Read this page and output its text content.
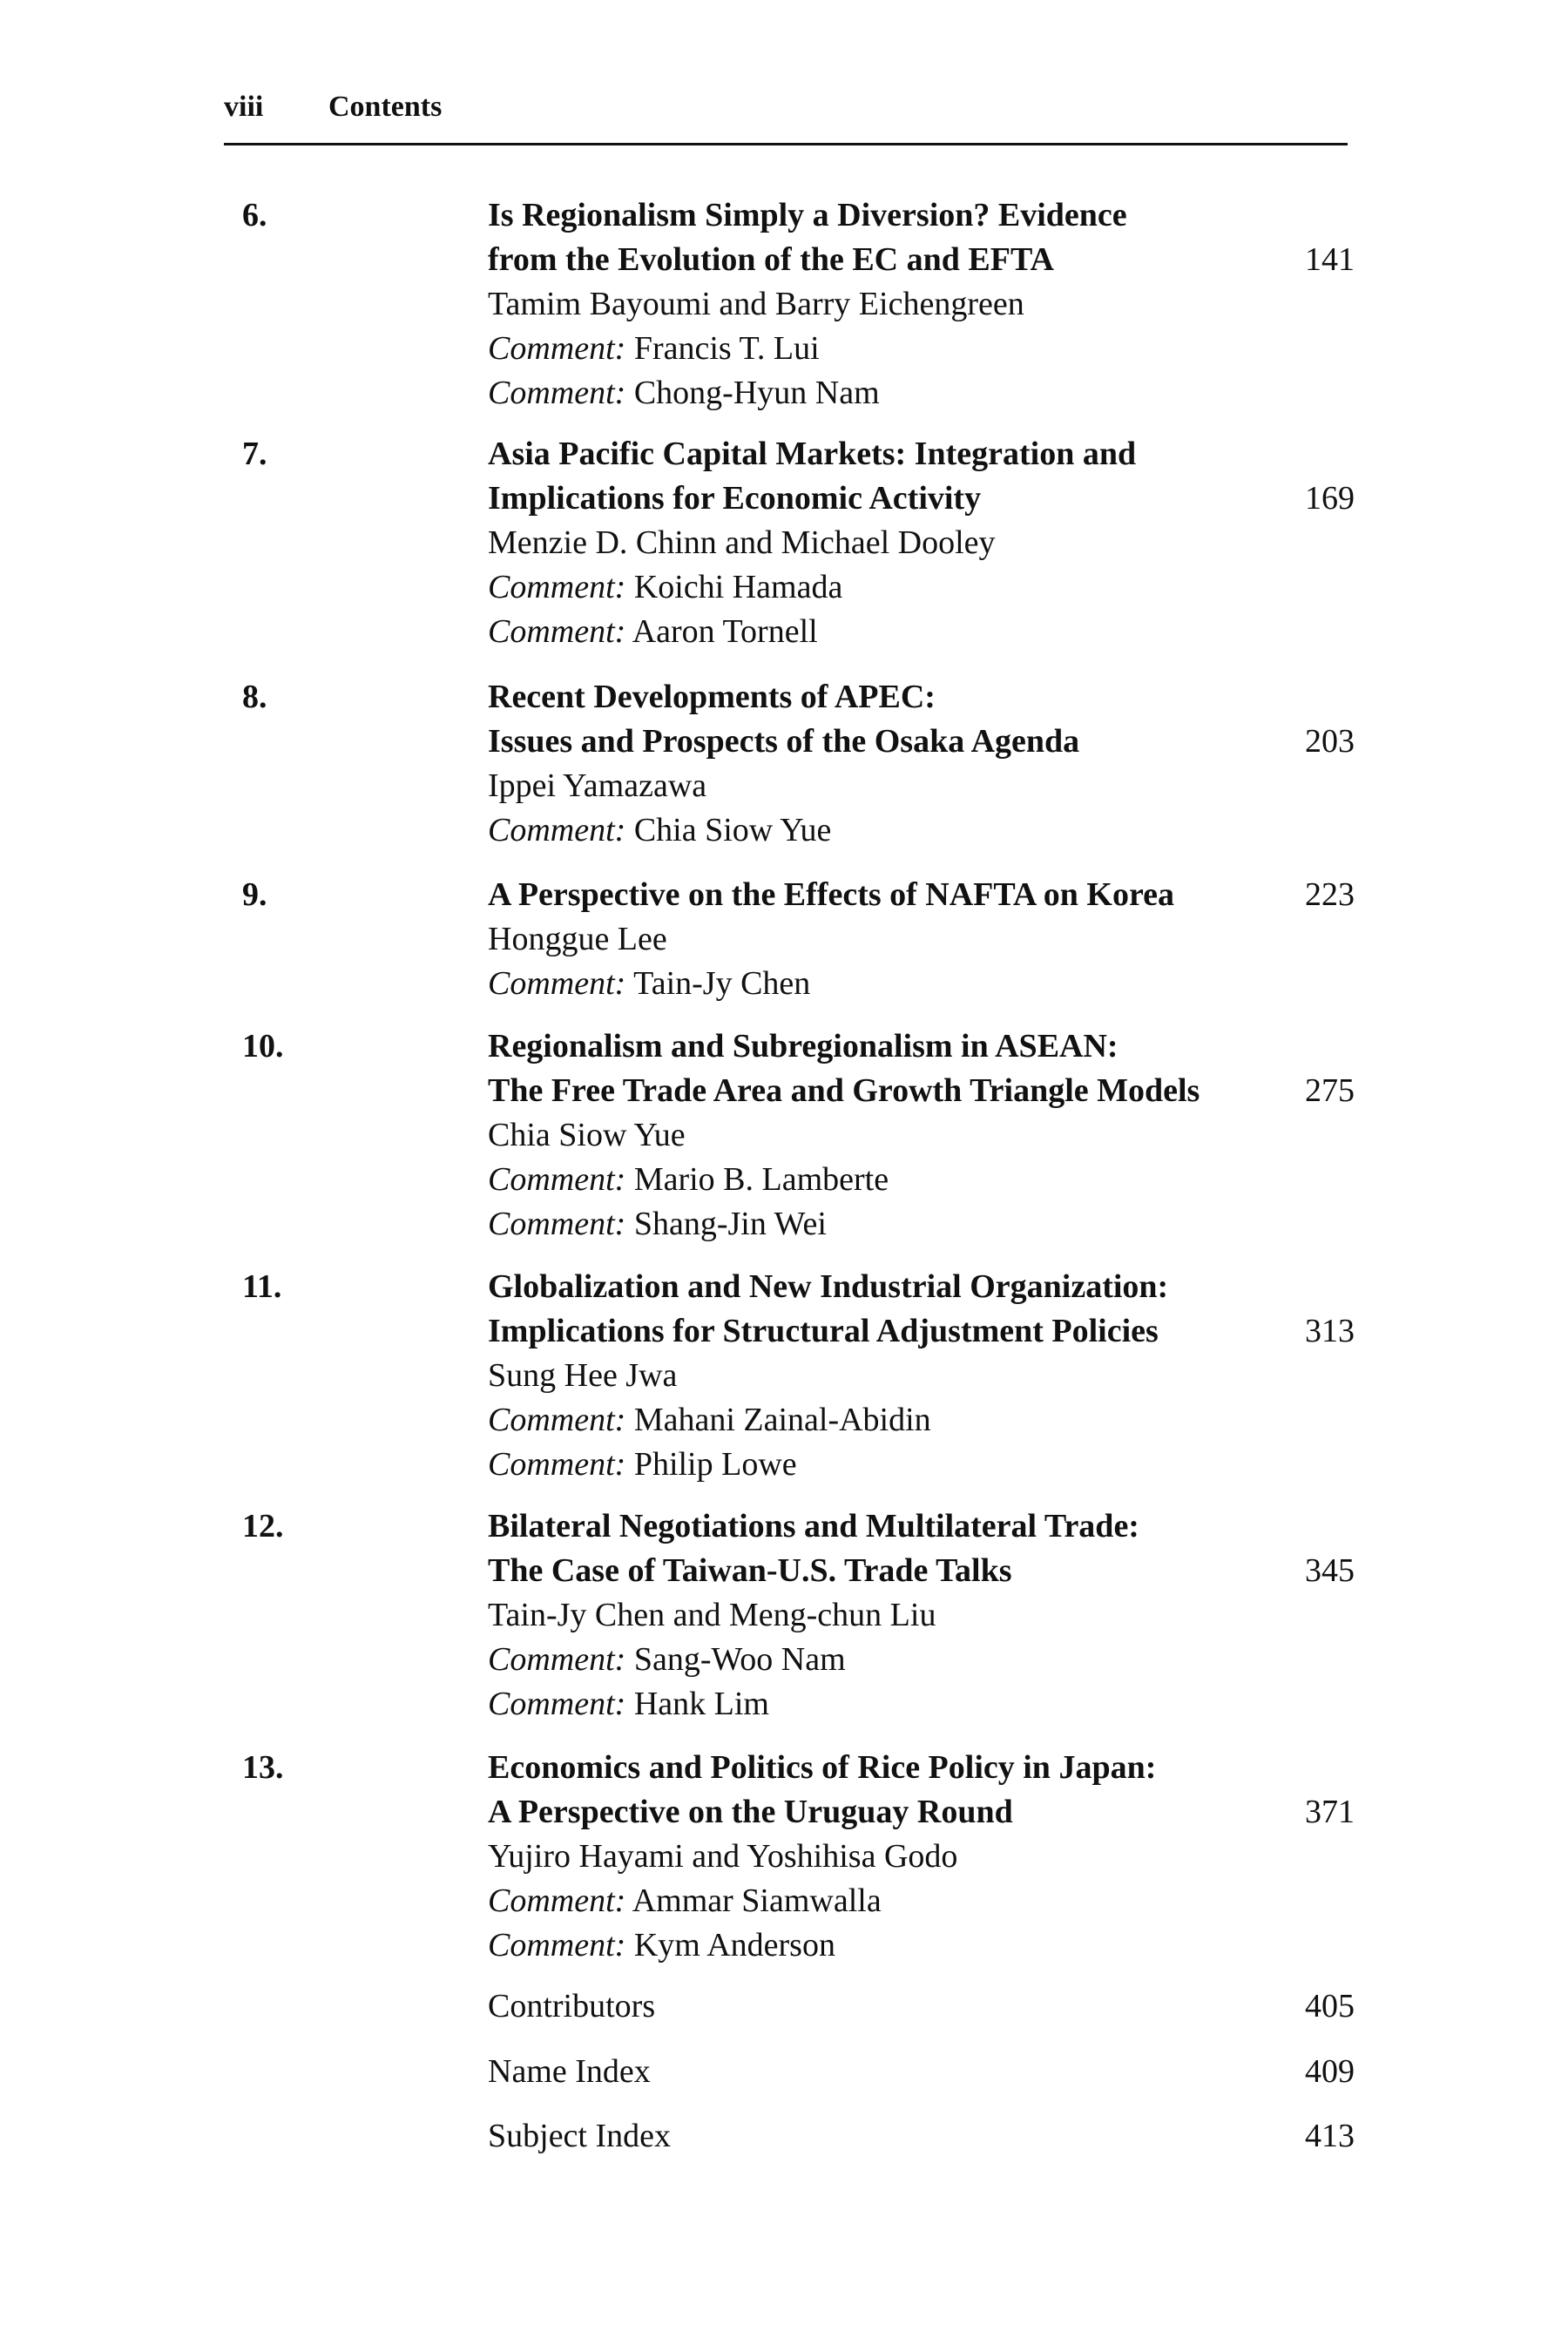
viii Contents
6.	Is Regionalism Simply a Diversion? Evidence
from the Evolution of the EC and EFTA
Tamim Bayoumi and Barry Eichengreen
Comment: Francis T. Lui
Comment: Chong-Hyun Nam
141
7.	Asia Pacific Capital Markets: Integration and
Implications for Economic Activity
Menzie D. Chinn and Michael Dooley
Comment: Koichi Hamada
Comment: Aaron Tornell
169
8.	Recent Developments of APEC:
Issues and Prospects of the Osaka Agenda
Ippei Yamazawa
Comment: Chia Siow Yue
203
9.	A Perspective on the Effects of NAFTA on Korea
Honggue Lee
Comment: Tain-Jy Chen
223
10.	Regionalism and Subregionalism in ASEAN:
The Free Trade Area and Growth Triangle Models
Chia Siow Yue
Comment: Mario B. Lamberte
Comment: Shang-Jin Wei
275
11.	Globalization and New Industrial Organization:
Implications for Structural Adjustment Policies
Sung Hee Jwa
Comment: Mahani Zainal-Abidin
Comment: Philip Lowe
313
12.	Bilateral Negotiations and Multilateral Trade:
The Case of Taiwan-U.S. Trade Talks
Tain-Jy Chen and Meng-chun Liu
Comment: Sang-Woo Nam
Comment: Hank Lim
345
13.	Economics and Politics of Rice Policy in Japan:
A Perspective on the Uruguay Round
Yujiro Hayami and Yoshihisa Godo
Comment: Ammar Siamwalla
Comment: Kym Anderson
371
Contributors	405
Name Index	409
Subject Index	413
